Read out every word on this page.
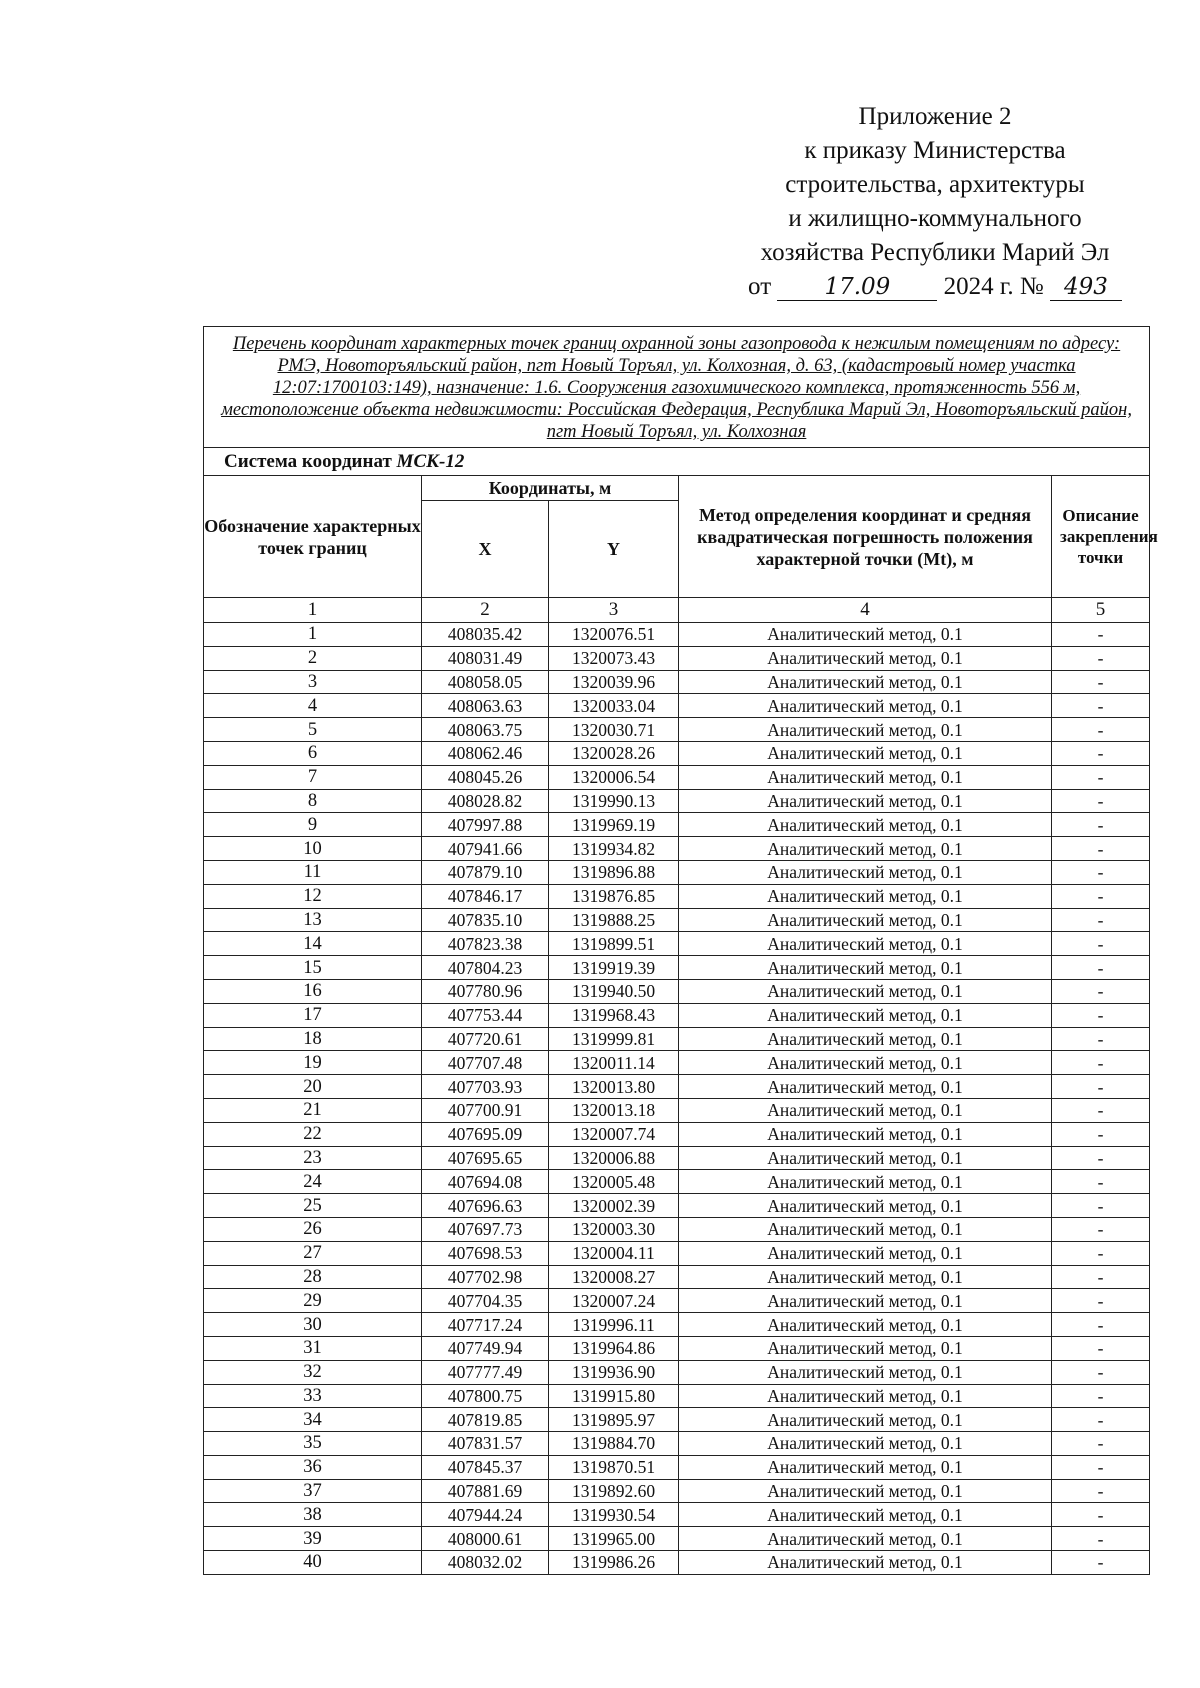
Приложение 2
к приказу Министерства
строительства, архитектуры
и жилищно-коммунального
хозяйства Республики Марий Эл
от 17.09 2024 г. № 493
Перечень координат характерных точек границ охранной зоны газопровода к нежилым помещениям по адресу: РМЭ, Новоторъяльский район, пгт Новый Торъял, ул. Колхозная, д. 63, (кадастровый номер участка 12:07:1700103:149), назначение: 1.6. Сооружения газохимического комплекса, протяженность 556 м, местоположение объекта недвижимости: Российская Федерация, Республика Марий Эл, Новоторъяльский район, пгт Новый Торъял, ул. Колхозная				
Система координат МСК-12				
Обозначение характерных точек границ	Координаты, м		Метод определения координат и средняя квадратическая погрешность положения характерной точки (Mt), м	Описание закрепления точки
	X	Y		
1	2	3	4	5
1	408035.42	1320076.51	Аналитический метод, 0.1	-
2	408031.49	1320073.43	Аналитический метод, 0.1	-
3	408058.05	1320039.96	Аналитический метод, 0.1	-
4	408063.63	1320033.04	Аналитический метод, 0.1	-
5	408063.75	1320030.71	Аналитический метод, 0.1	-
6	408062.46	1320028.26	Аналитический метод, 0.1	-
7	408045.26	1320006.54	Аналитический метод, 0.1	-
8	408028.82	1319990.13	Аналитический метод, 0.1	-
9	407997.88	1319969.19	Аналитический метод, 0.1	-
10	407941.66	1319934.82	Аналитический метод, 0.1	-
11	407879.10	1319896.88	Аналитический метод, 0.1	-
12	407846.17	1319876.85	Аналитический метод, 0.1	-
13	407835.10	1319888.25	Аналитический метод, 0.1	-
14	407823.38	1319899.51	Аналитический метод, 0.1	-
15	407804.23	1319919.39	Аналитический метод, 0.1	-
16	407780.96	1319940.50	Аналитический метод, 0.1	-
17	407753.44	1319968.43	Аналитический метод, 0.1	-
18	407720.61	1319999.81	Аналитический метод, 0.1	-
19	407707.48	1320011.14	Аналитический метод, 0.1	-
20	407703.93	1320013.80	Аналитический метод, 0.1	-
21	407700.91	1320013.18	Аналитический метод, 0.1	-
22	407695.09	1320007.74	Аналитический метод, 0.1	-
23	407695.65	1320006.88	Аналитический метод, 0.1	-
24	407694.08	1320005.48	Аналитический метод, 0.1	-
25	407696.63	1320002.39	Аналитический метод, 0.1	-
26	407697.73	1320003.30	Аналитический метод, 0.1	-
27	407698.53	1320004.11	Аналитический метод, 0.1	-
28	407702.98	1320008.27	Аналитический метод, 0.1	-
29	407704.35	1320007.24	Аналитический метод, 0.1	-
30	407717.24	1319996.11	Аналитический метод, 0.1	-
31	407749.94	1319964.86	Аналитический метод, 0.1	-
32	407777.49	1319936.90	Аналитический метод, 0.1	-
33	407800.75	1319915.80	Аналитический метод, 0.1	-
34	407819.85	1319895.97	Аналитический метод, 0.1	-
35	407831.57	1319884.70	Аналитический метод, 0.1	-
36	407845.37	1319870.51	Аналитический метод, 0.1	-
37	407881.69	1319892.60	Аналитический метод, 0.1	-
38	407944.24	1319930.54	Аналитический метод, 0.1	-
39	408000.61	1319965.00	Аналитический метод, 0.1	-
40	408032.02	1319986.26	Аналитический метод, 0.1	-
